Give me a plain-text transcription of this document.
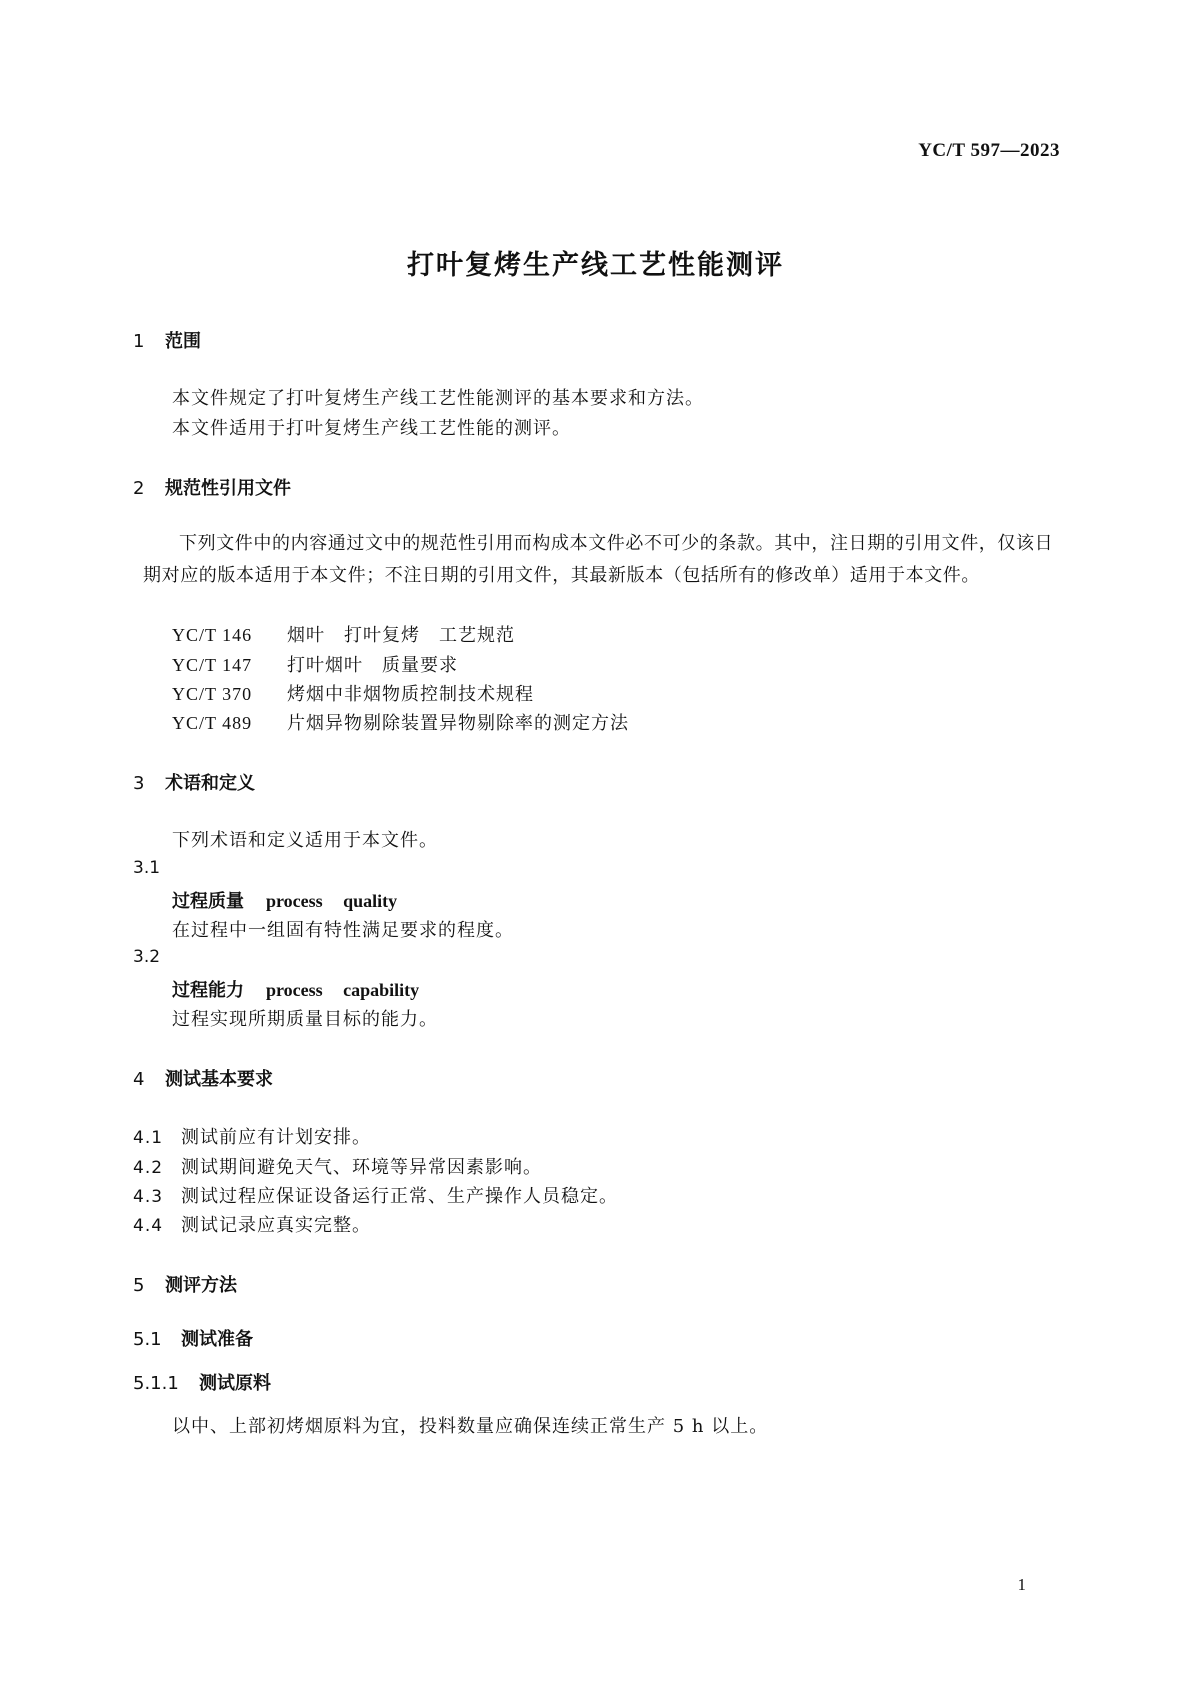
YC/T 597—2023
打叶复烤生产线工艺性能测评
1 范围
本文件规定了打叶复烤生产线工艺性能测评的基本要求和方法。
本文件适用于打叶复烤生产线工艺性能的测评。
2 规范性引用文件
下列文件中的内容通过文中的规范性引用而构成本文件必不可少的条款。其中，注日期的引用文件，仅该日期对应的版本适用于本文件；不注日期的引用文件，其最新版本（包括所有的修改单）适用于本文件。
YC/T 146 烟叶　打叶复烤　工艺规范
YC/T 147 打叶烟叶　质量要求
YC/T 370 烤烟中非烟物质控制技术规程
YC/T 489 片烟异物剔除装置异物剔除率的测定方法
3 术语和定义
下列术语和定义适用于本文件。
3.1
过程质量 process quality
在过程中一组固有特性满足要求的程度。
3.2
过程能力 process capability
过程实现所期质量目标的能力。
4 测试基本要求
4.1 测试前应有计划安排。
4.2 测试期间避免天气、环境等异常因素影响。
4.3 测试过程应保证设备运行正常、生产操作人员稳定。
4.4 测试记录应真实完整。
5 测评方法
5.1 测试准备
5.1.1 测试原料
以中、上部初烤烟原料为宜，投料数量应确保连续正常生产 5 h 以上。
1
